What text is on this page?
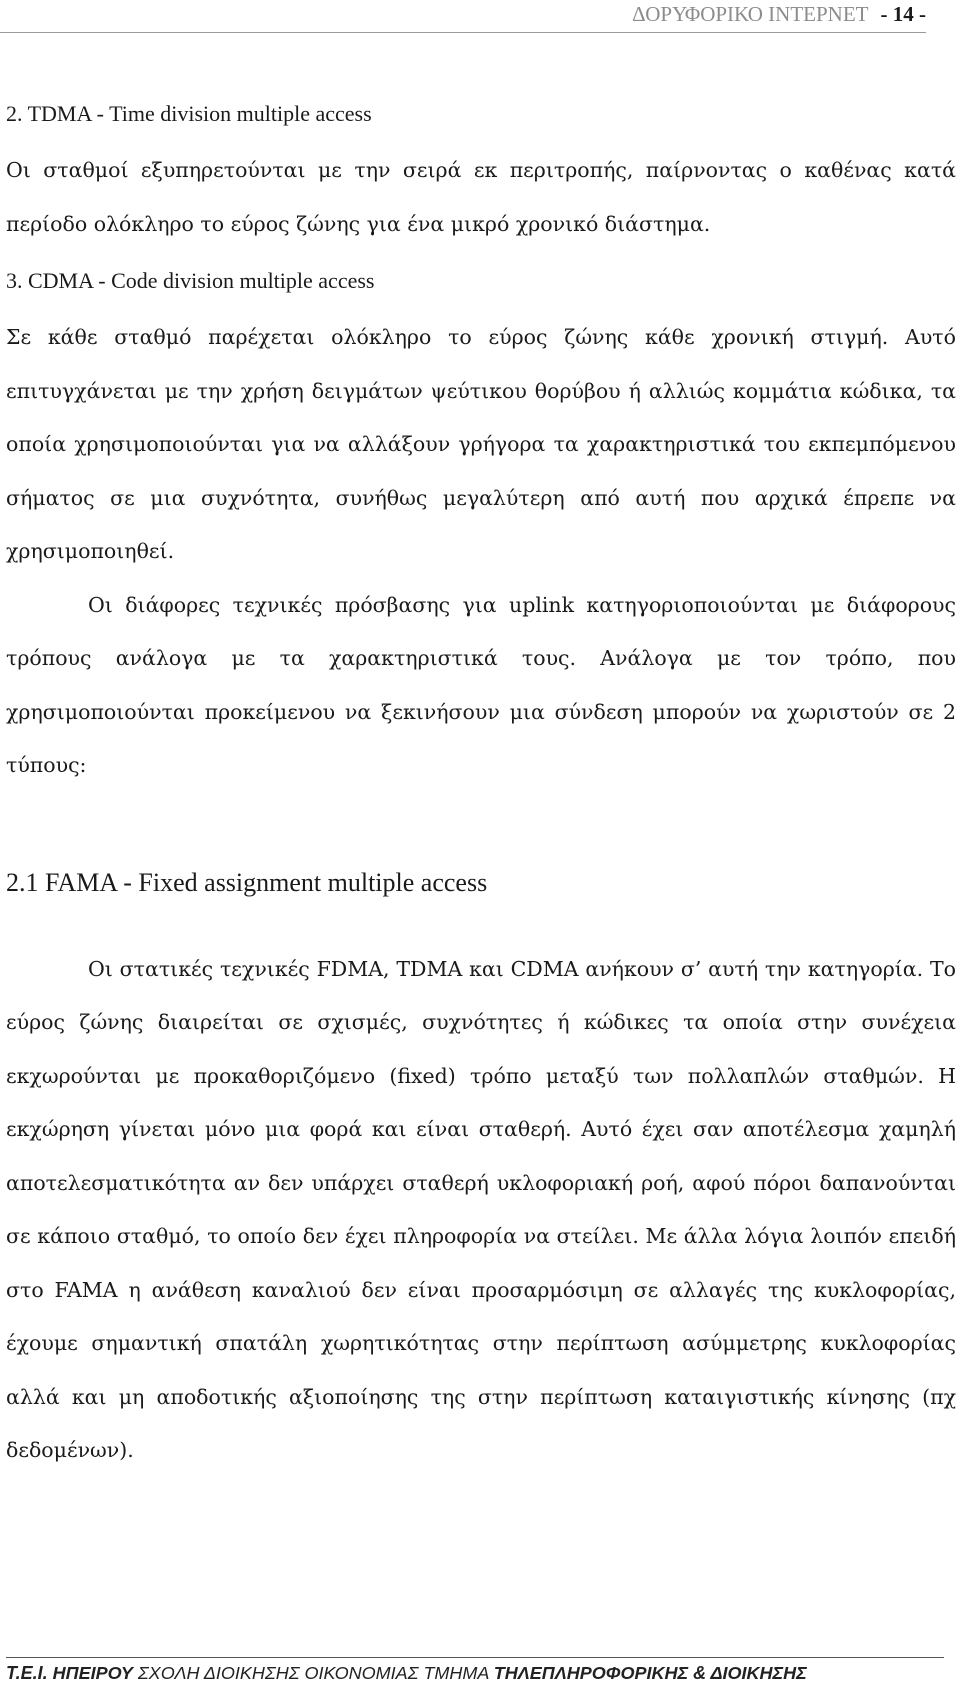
ΔΟΡΥΦΟΡΙΚΟ ΙΝΤΕΡΝΕΤ - 14 -

2. TDMA - Time division multiple access

Οι σταθμοί εξυπηρετούνται με την σειρά εκ περιτροπής, παίρνοντας ο καθένας κατά περίοδο ολόκληρο το εύρος ζώνης για ένα μικρό χρονικό διάστημα.

3. CDMA - Code division multiple access

Σε κάθε σταθμό παρέχεται ολόκληρο το εύρος ζώνης κάθε χρονική στιγμή. Αυτό επιτυγχάνεται με την χρήση δειγμάτων ψεύτικου θορύβου ή αλλιώς κομμάτια κώδικα, τα οποία χρησιμοποιούνται για να αλλάξουν γρήγορα τα χαρακτηριστικά του εκπεμπόμενου σήματος σε μια συχνότητα, συνήθως μεγαλύτερη από αυτή που αρχικά έπρεπε να χρησιμοποιηθεί.

Οι διάφορες τεχνικές πρόσβασης για uplink κατηγοριοποιούνται με διάφορους τρόπους ανάλογα με τα χαρακτηριστικά τους. Ανάλογα με τον τρόπο, που χρησιμοποιούνται προκείμενου να ξεκινήσουν μια σύνδεση μπορούν να χωριστούν σε 2 τύπους:

2.1 FAMA - Fixed assignment multiple access

Οι στατικές τεχνικές FDMA, TDMA και CDMA ανήκουν σ’ αυτή την κατηγορία. Το εύρος ζώνης διαιρείται σε σχισμές, συχνότητες ή κώδικες τα οποία στην συνέχεια εκχωρούνται με προκαθοριζόμενο (fixed) τρόπο μεταξύ των πολλαπλών σταθμών. Η εκχώρηση γίνεται μόνο μια φορά και είναι σταθερή. Αυτό έχει σαν αποτέλεσμα χαμηλή αποτελεσματικότητα αν δεν υπάρχει σταθερή υκλοφοριακή ροή, αφού πόροι δαπανούνται σε κάποιο σταθμό, το οποίο δεν έχει πληροφορία να στείλει. Με άλλα λόγια λοιπόν επειδή στο FAMA η ανάθεση καναλιού δεν είναι προσαρμόσιμη σε αλλαγές της κυκλοφορίας, έχουμε σημαντική σπατάλη χωρητικότητας στην περίπτωση ασύμμετρης κυκλοφορίας αλλά και μη αποδοτικής αξιοποίησης της στην περίπτωση καταιγιστικής κίνησης (πχ δεδομένων).

T.E.I. ΗΠΕΙΡΟΥ ΣΧΟΛΗ ΔΙΟΙΚΗΣΗΣ ΟΙΚΟΝΟΜΙΑΣ ΤΜΗΜΑ ΤΗΛΕΠΛΗΡΟΦΟΡΙΚΗΣ & ΔΙΟΙΚΗΣΗΣ
